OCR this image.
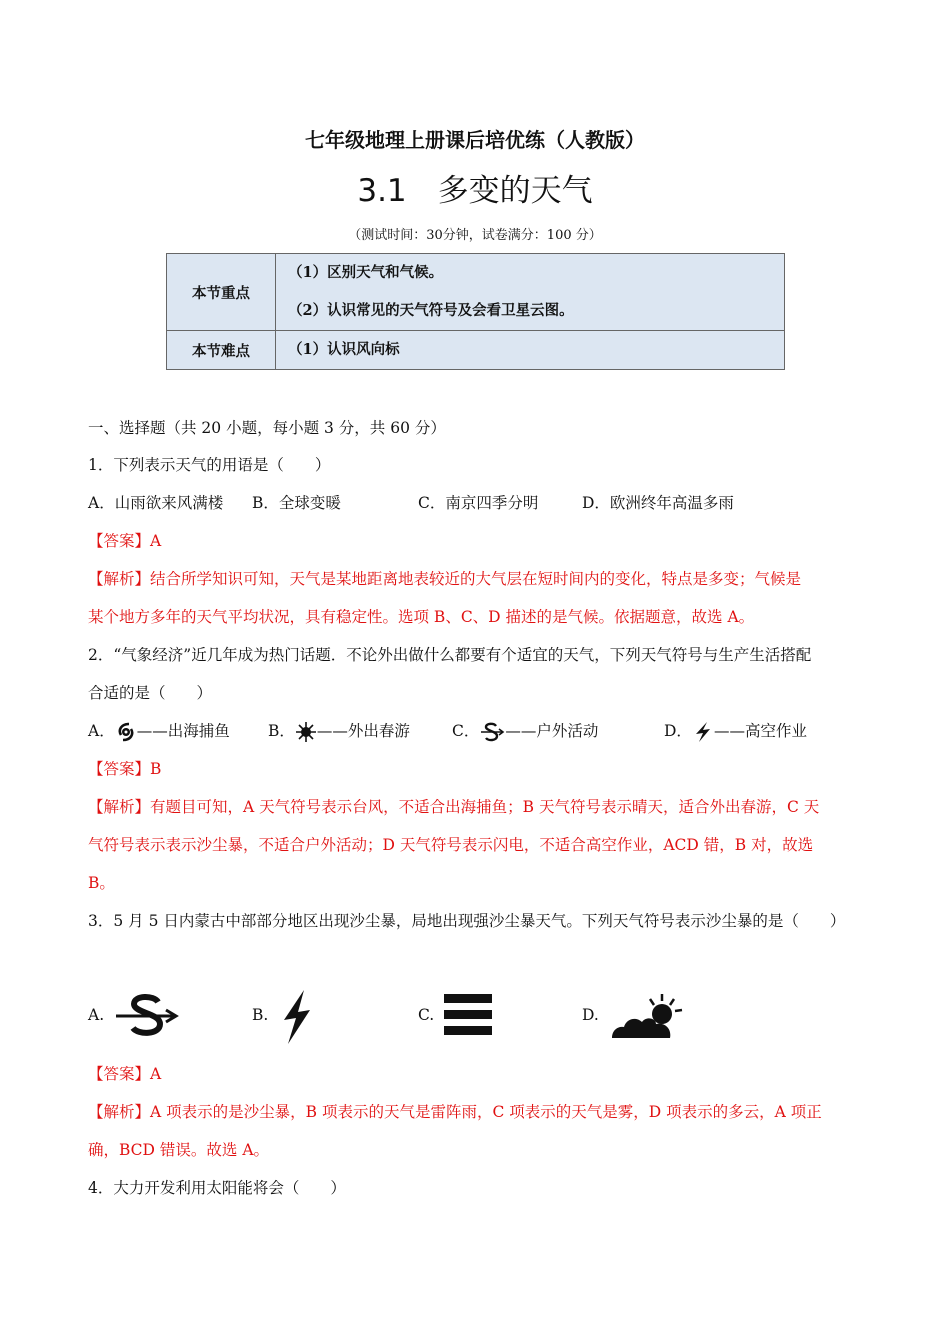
七年级地理上册课后培优练（人教版）
3.1　多变的天气
（测试时间：30分钟，试卷满分：100 分）
本节重点	（1）区别天气和气候。
（2）认识常见的天气符号及会看卫星云图。

本节难点	（1）认识风向标
一、选择题（共 20 小题，每小题 3 分，共 60 分）
1．下列表示天气的用语是（　　）
A．山雨欲来风满楼 B．全球变暖	C．南京四季分明	D．欧洲终年高温多雨
【答案】A
【解析】结合所学知识可知，天气是某地距离地表较近的大气层在短时间内的变化，特点是多变；气候是
某个地方多年的天气平均状况，具有稳定性。选项 B、C、D 描述的是气候。依据题意，故选 A。
2．“气象经济”近几年成为热门话题．不论外出做什么都要有个适宜的天气，下列天气符号与生产生活搭配
合适的是（　　）
A． ——出海捕鱼 B． ——外出春游	C． ——户外活动	D． ——高空作业
【答案】B
【解析】有题目可知，A 天气符号表示台风，不适合出海捕鱼；B 天气符号表示晴天，适合外出春游，C 天
气符号表示表示沙尘暴，不适合户外活动；D 天气符号表示闪电，不适合高空作业，ACD 错，B 对，故选
B。
3．5 月 5 日内蒙古中部部分地区出现沙尘暴，局地出现强沙尘暴天气。下列天气符号表示沙尘暴的是（　　）
A.	B.	C.	D.
【答案】A
【解析】A 项表示的是沙尘暴，B 项表示的天气是雷阵雨，C 项表示的天气是雾，D 项表示的多云，A 项正
确，BCD 错误。故选 A。
4．大力开发利用太阳能将会（　　）
